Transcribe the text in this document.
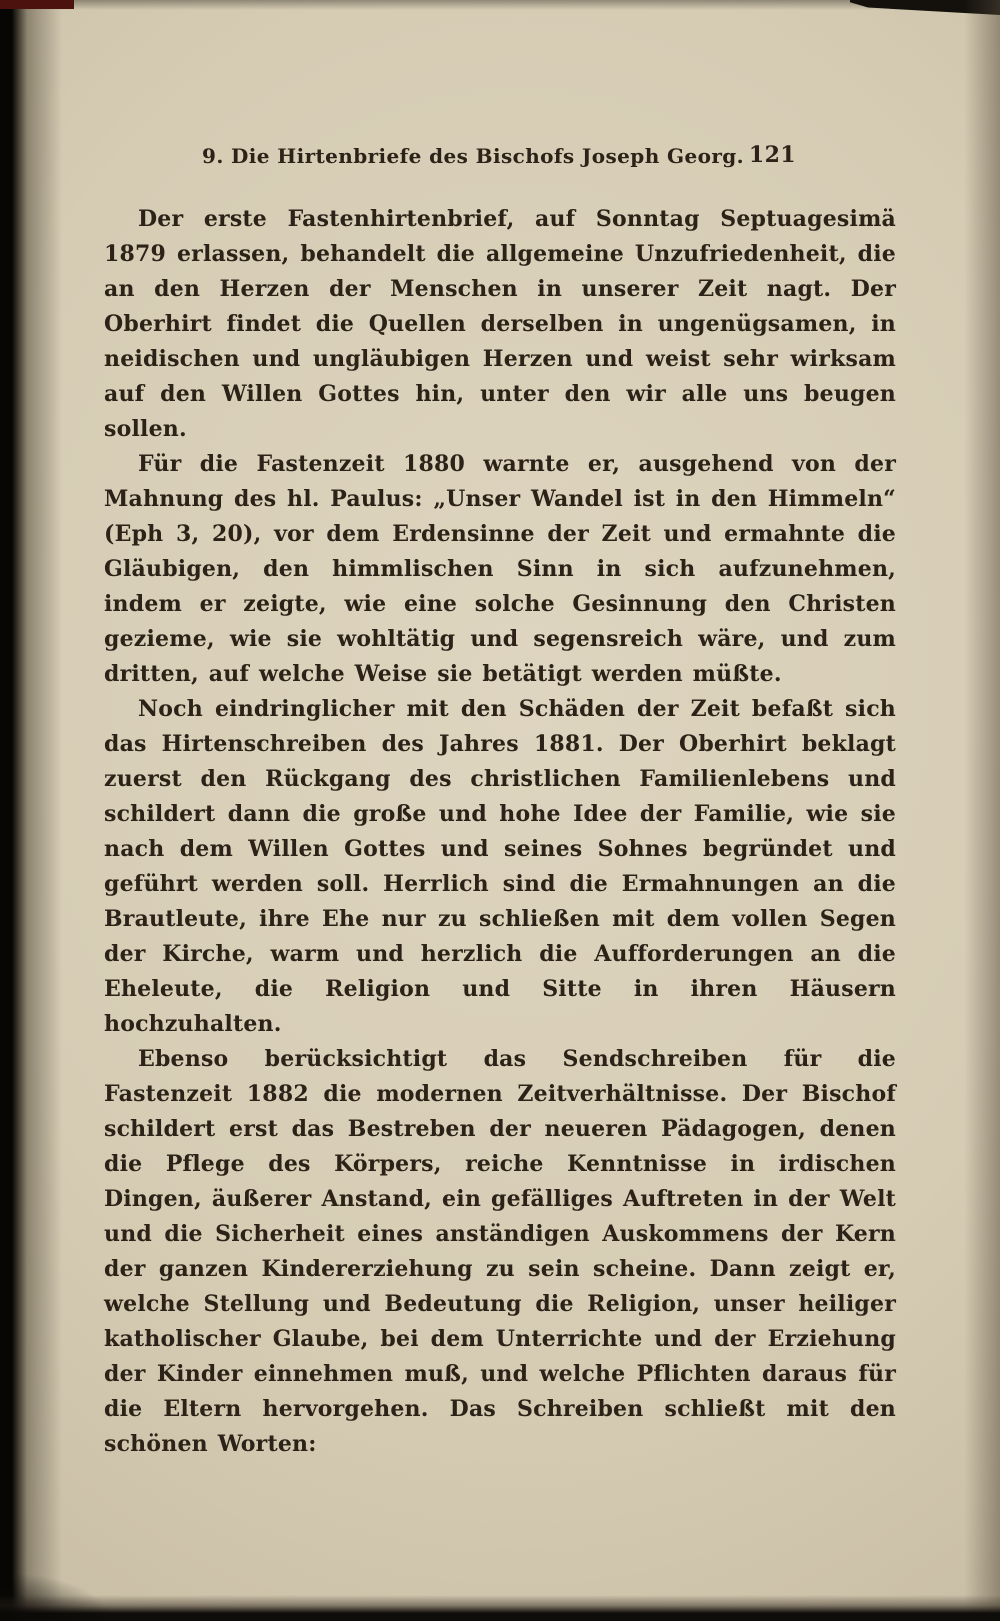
9. Die Hirtenbriefe des Bischofs Joseph Georg. 121

Der erste Fastenhirtenbrief, auf Sonntag Septuagesimä 1879 erlassen, behandelt die allgemeine Unzufriedenheit, die an den Herzen der Menschen in unserer Zeit nagt. Der Oberhirt findet die Quellen derselben in ungenügsamen, in neidischen und ungläubigen Herzen und weist sehr wirksam auf den Willen Gottes hin, unter den wir alle uns beugen sollen.

Für die Fastenzeit 1880 warnte er, ausgehend von der Mahnung des hl. Paulus: „Unser Wandel ist in den Himmeln“ (Eph 3, 20), vor dem Erdensinne der Zeit und ermahnte die Gläubigen, den himmlischen Sinn in sich aufzunehmen, indem er zeigte, wie eine solche Gesinnung den Christen gezieme, wie sie wohltätig und segensreich wäre, und zum dritten, auf welche Weise sie betätigt werden müßte.

Noch eindringlicher mit den Schäden der Zeit befaßt sich das Hirtenschreiben des Jahres 1881. Der Oberhirt beklagt zuerst den Rückgang des christlichen Familienlebens und schildert dann die große und hohe Idee der Familie, wie sie nach dem Willen Gottes und seines Sohnes begründet und geführt werden soll. Herrlich sind die Ermahnungen an die Brautleute, ihre Ehe nur zu schließen mit dem vollen Segen der Kirche, warm und herzlich die Aufforderungen an die Eheleute, die Religion und Sitte in ihren Häusern hochzuhalten.

Ebenso berücksichtigt das Sendschreiben für die Fastenzeit 1882 die modernen Zeitverhältnisse. Der Bischof schildert erst das Bestreben der neueren Pädagogen, denen die Pflege des Körpers, reiche Kenntnisse in irdischen Dingen, äußerer Anstand, ein gefälliges Auftreten in der Welt und die Sicherheit eines anständigen Auskommens der Kern der ganzen Kindererziehung zu sein scheine. Dann zeigt er, welche Stellung und Bedeutung die Religion, unser heiliger katholischer Glaube, bei dem Unterrichte und der Erziehung der Kinder einnehmen muß, und welche Pflichten daraus für die Eltern hervorgehen. Das Schreiben schließt mit den schönen Worten:
